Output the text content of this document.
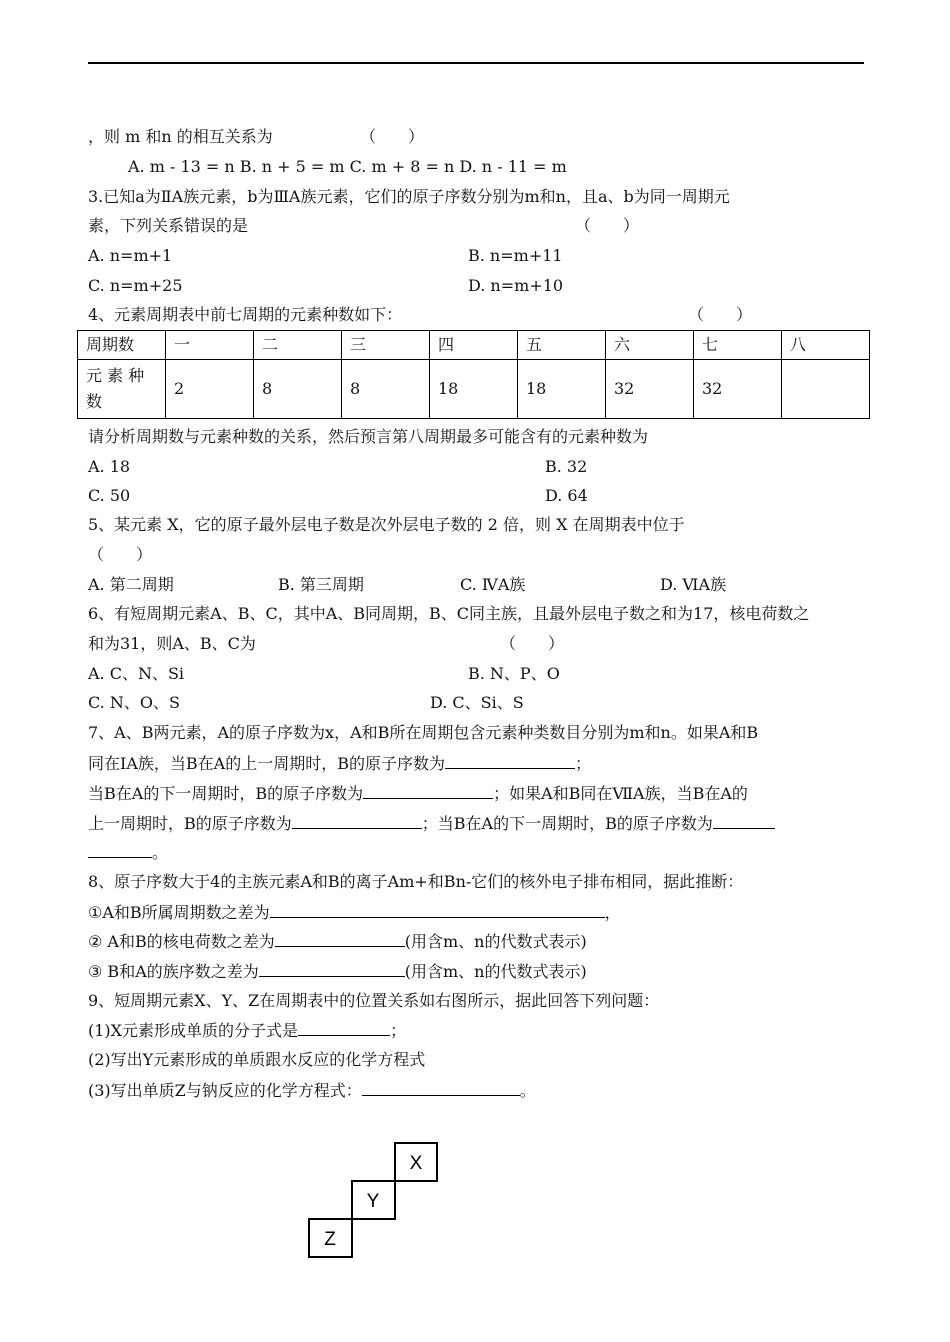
，则 m 和n 的相互关系为	（　　）
A. m - 13 = n B. n + 5 = m C. m + 8 = n D. n - 11 = m
3.已知a为ⅡA族元素，b为ⅢA族元素，它们的原子序数分别为m和n，且a、b为同一周期元
素，下列关系错误的是	（　　）
A. n=m+1	B. n=m+11
C. n=m+25	D. n=m+10
4、元素周期表中前七周期的元素种数如下：	（　　）
周期数	一	二	三	四	五	六	七	八

元 素 种
数	2	8	8	18	18	32	32	
请分析周期数与元素种数的关系，然后预言第八周期最多可能含有的元素种数为
A. 18	B. 32
C. 50	D. 64
5、某元素 X，它的原子最外层电子数是次外层电子数的 2 倍，则 X 在周期表中位于
（　　）
A. 第二周期	B. 第三周期	C. ⅣA族	D. ⅥA族
6、有短周期元素A、B、C，其中A、B同周期，B、C同主族，且最外层电子数之和为17，核电荷数之
和为31，则A、B、C为	（　　）
A. C、N、Si	B. N、P、O
C. N、O、S	D. C、Si、S
7、A、B两元素，A的原子序数为x，A和B所在周期包含元素种类数目分别为m和n。如果A和B
同在ⅠA族，当B在A的上一周期时，B的原子序数为	；
当B在A的下一周期时，B的原子序数为	；如果A和B同在ⅦA族，当B在A的
上一周期时，B的原子序数为	；当B在A的下一周期时，B的原子序数为
。
8、原子序数大于4的主族元素A和B的离子Am+和Bn-它们的核外电子排布相同，据此推断：
①A和B所属周期数之差为	，
② A和B的核电荷数之差为	(用含m、n的代数式表示)
③ B和A的族序数之差为	(用含m、n的代数式表示)
9、短周期元素X、Y、Z在周期表中的位置关系如右图所示，据此回答下列问题：
(1)X元素形成单质的分子式是	；
(2)写出Y元素形成的单质跟水反应的化学方程式
(3)写出单质Z与钠反应的化学方程式：	。
X
Y
Z
